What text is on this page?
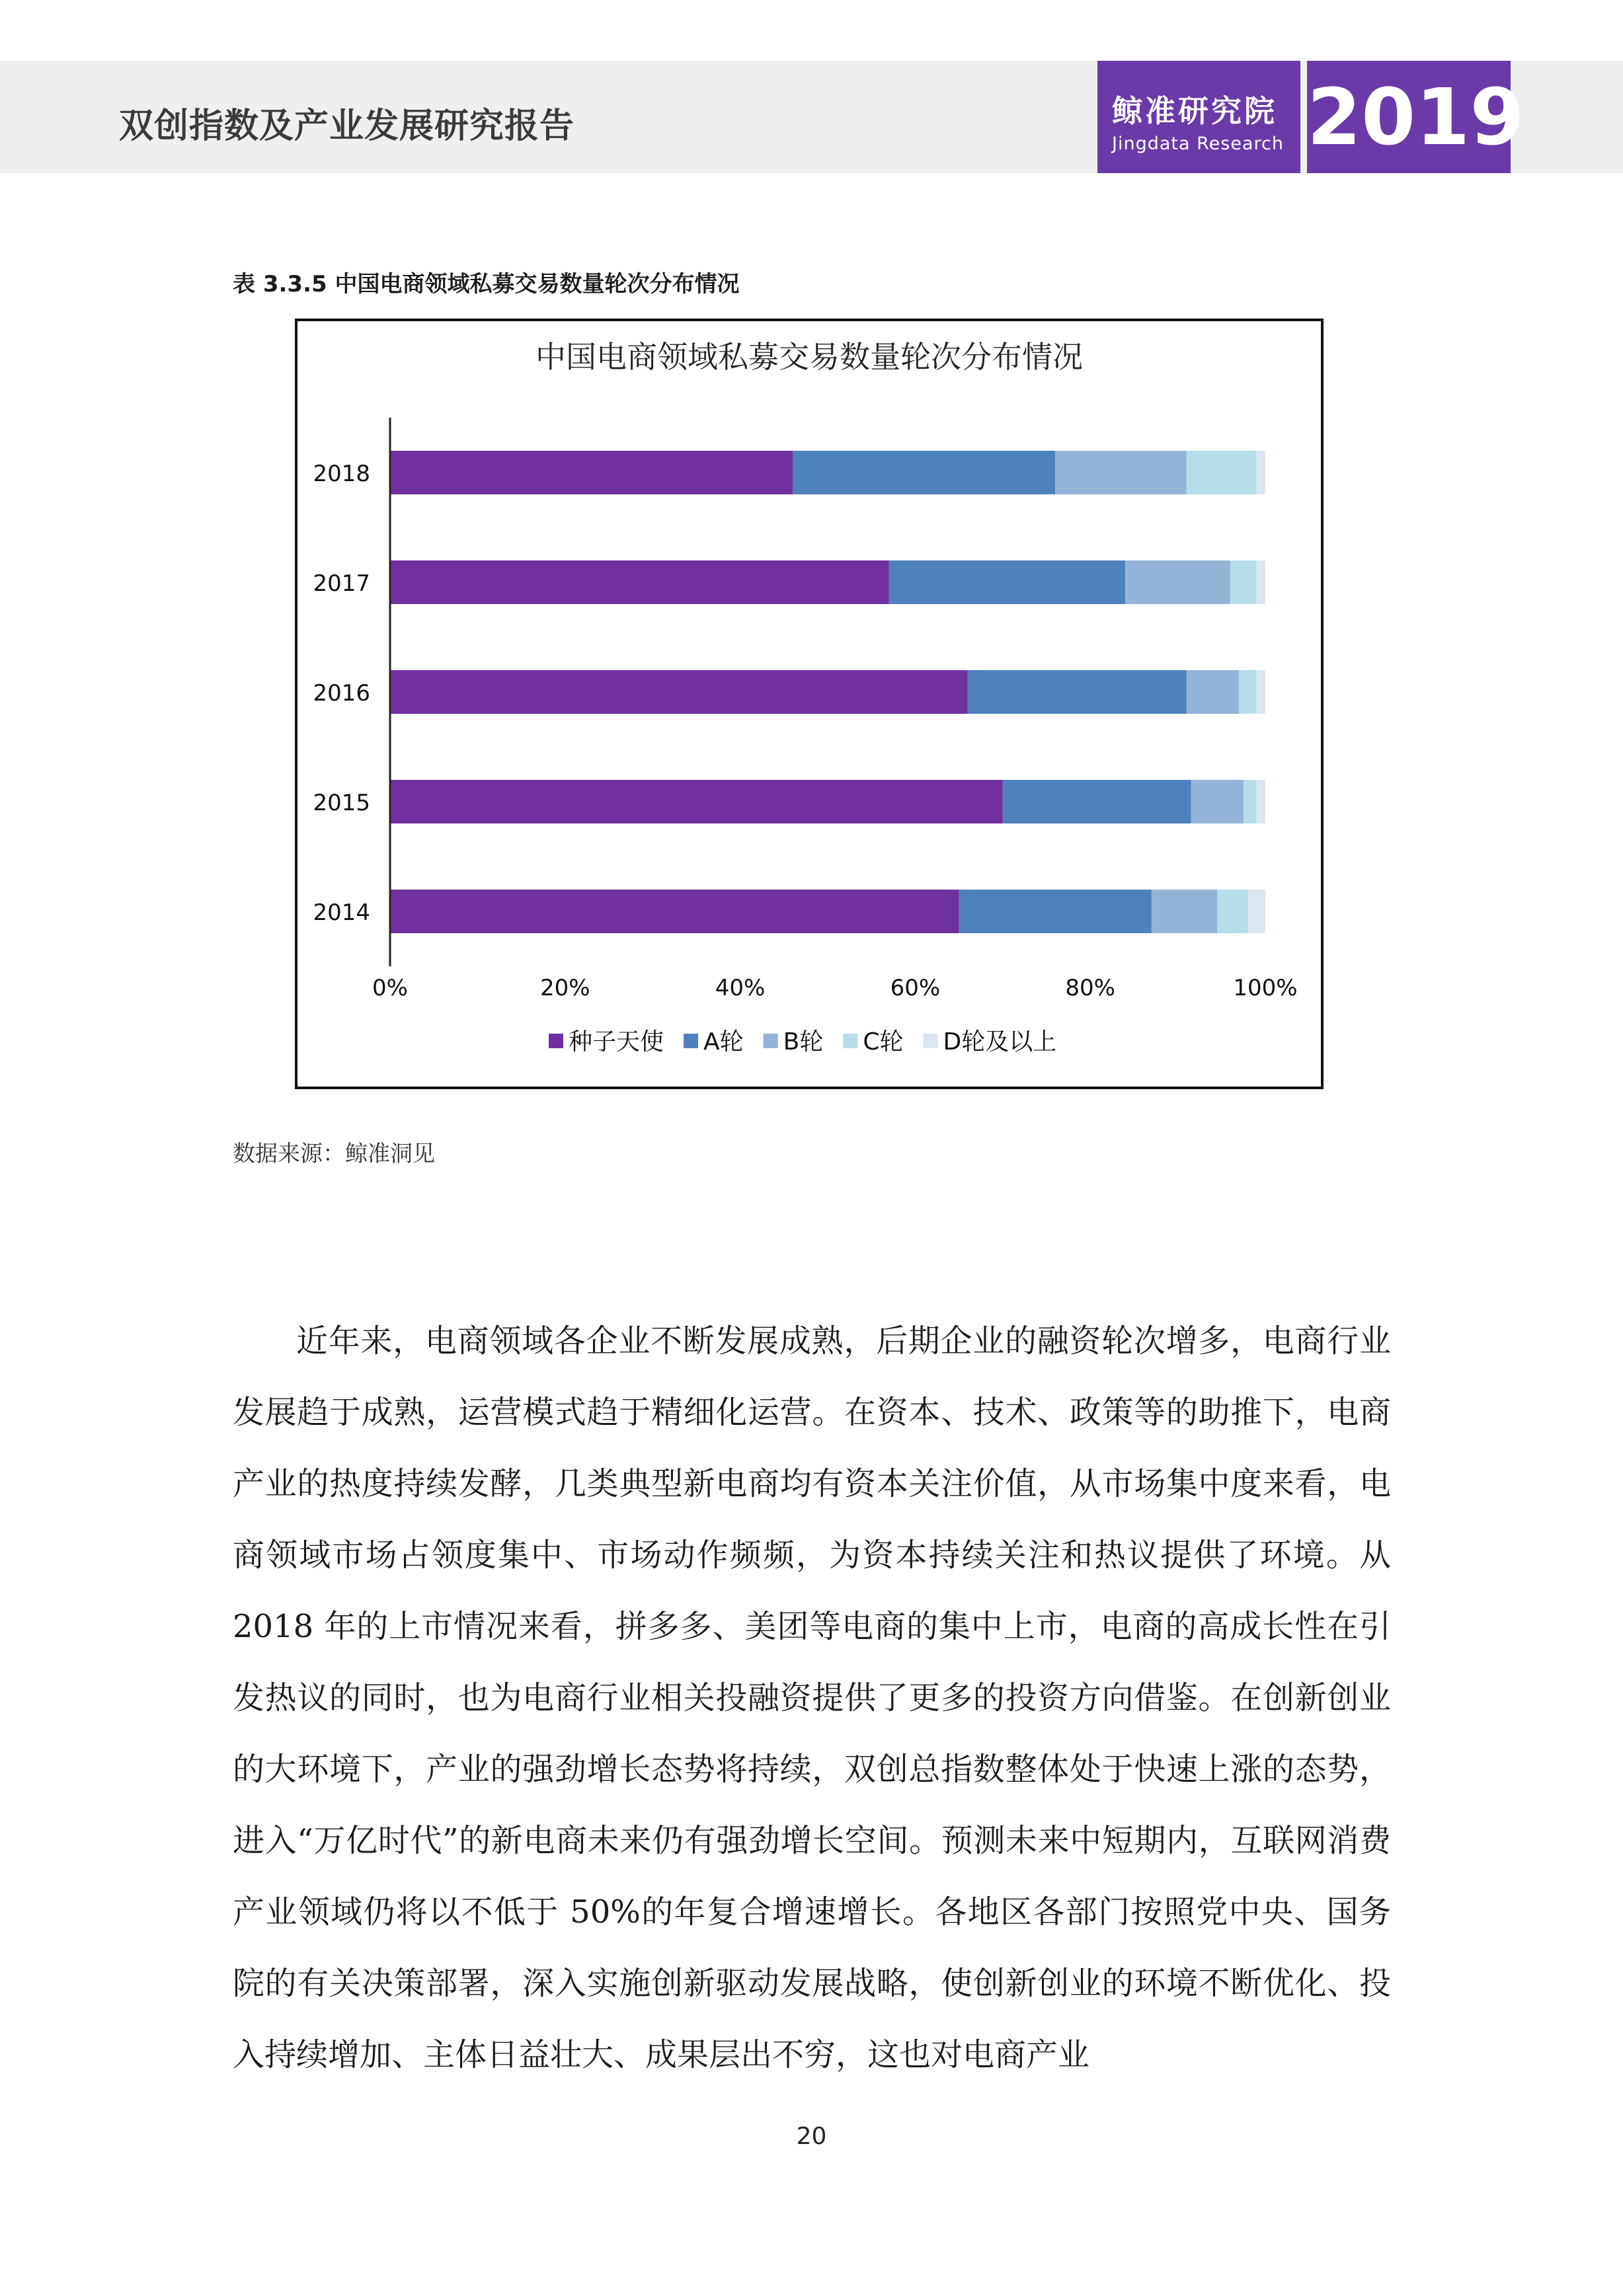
双创指数及产业发展研究报告	鲸准研究院
Jingdata Research 2019
表 3.3.5 中国电商领域私募交易数量轮次分布情况
中国电商领域私募交易数量轮次分布情况
2018
2017
2016
2015
2014
0%	20%	40%	60%	80%	100%
种子天使 A轮 B轮 C轮 D轮及以上
数据来源：鲸准洞见

近年来，电商领域各企业不断发展成熟，后期企业的融资轮次增多，电商行业发展趋于成熟，运营模式趋于精细化运营。在资本、技术、政策等的助推下，电商产业的热度持续发酵，几类典型新电商均有资本关注价值，从市场集中度来看，电商领域市场占领度集中、市场动作频频，为资本持续关注和热议提供了环境。从 2018 年的上市情况来看，拼多多、美团等电商的集中上市，电商的高成长性在引发热议的同时，也为电商行业相关投融资提供了更多的投资方向借鉴。在创新创业的大环境下，产业的强劲增长态势将持续，双创总指数整体处于快速上涨的态势，进入“万亿时代”的新电商未来仍有强劲增长空间。预测未来中短期内，互联网消费产业领域仍将以不低于 50%的年复合增速增长。各地区各部门按照党中央、国务院的有关决策部署，深入实施创新驱动发展战略，使创新创业的环境不断优化、投入持续增加、主体日益壮大、成果层出不穷，这也对电商产业

20
